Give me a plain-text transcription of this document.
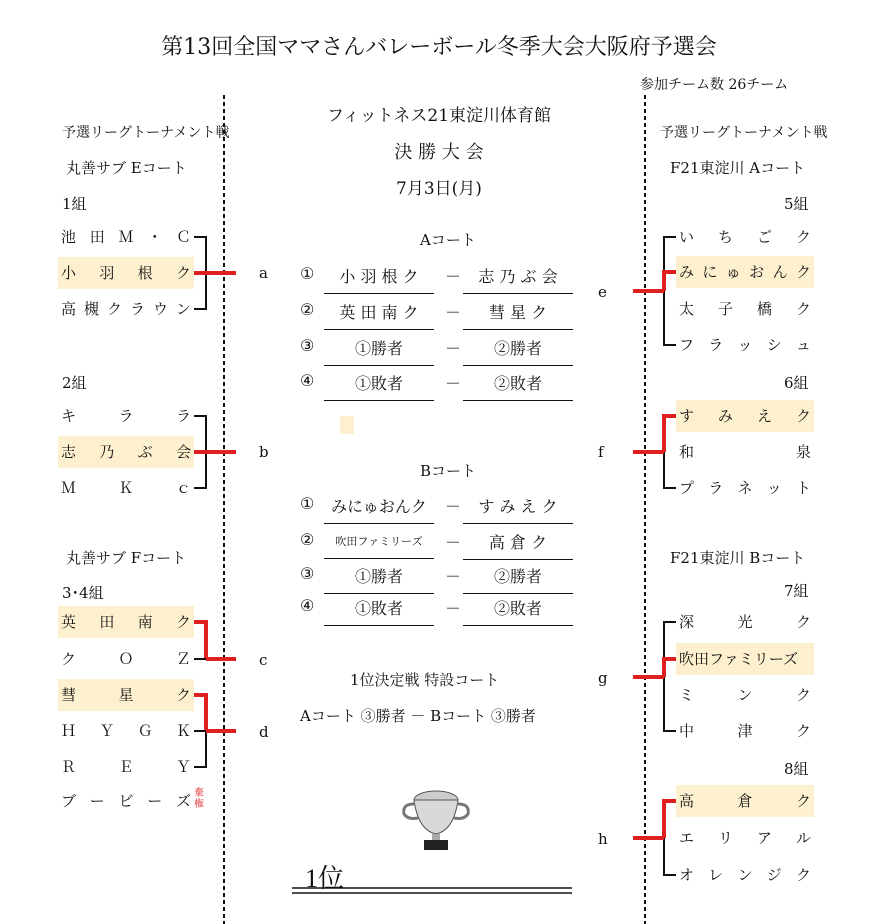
第13回全国ママさんバレーボール冬季大会大阪府予選会
参加チーム数 26チーム
予選リーグトーナメント戦
丸善サブ Eコート
1組
池 田 Ｍ ・ Ｃ
小 羽 根 ク
高 槻 ク ラ ウ ン
2組
キ	ラ	ラ
志 乃 ぶ 会
Ｍ	Ｋ	ｃ
丸善サブ Fコート
3･4組
英 田 南 ク
ク	Ｏ	Ｚ
彗	星	ク
Ｈ Ｙ Ｇ Ｋ
Ｒ	Ｅ	Ｙ
ブ ー ビ ー ズ 棄権
a
b
c
d
e
f
g
h
フィットネス21東淀川体育館
決 勝 大 会
7月3日(月)
Aコート
①	小 羽 根 ク	－	志 乃 ぶ 会
②	英 田 南 ク	－	彗 星 ク
③	①勝者	－	②勝者
④	①敗者	－	②敗者
Bコート
①	みにゅおんク	－	す み え ク
②	吹田ファミリーズ	－	高 倉 ク
③	①勝者	－	②勝者
④	①敗者	－	②敗者
1位決定戦 特設コート
Aコート ③勝者 － Bコート ③勝者
1位
予選リーグトーナメント戦
F21東淀川 Aコート
5組
い ち ご ク
み に ゅ お ん ク
太 子 橋 ク
フ ラ ッ シ ュ
6組
す み え ク
和	泉
プ ラ ネ ッ ト
F21東淀川 Bコート
7組
深	光	ク
吹田ファミリーズ
ミ	ン	ク
中	津	ク
8組
高	倉	ク
エ リ ア ル
オ レ ン ジ ク
